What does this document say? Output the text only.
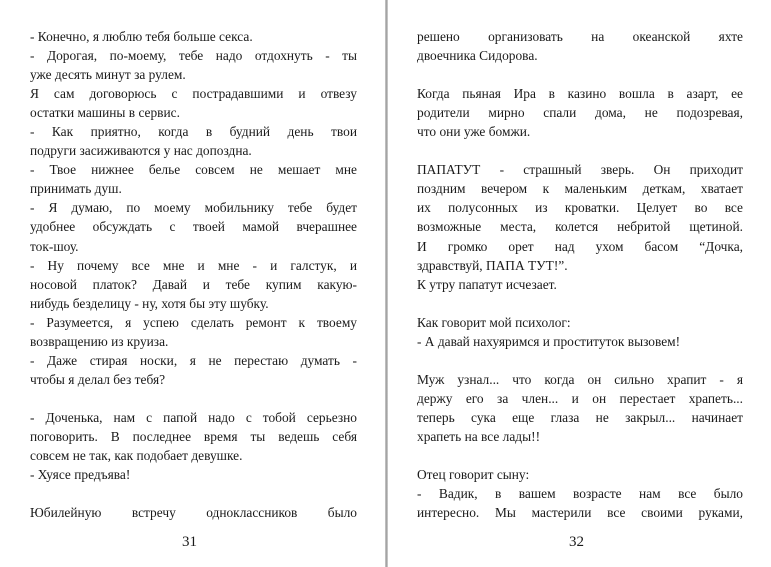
- Конечно, я люблю тебя больше секса.
- Дорогая, по-моему, тебе надо отдохнуть - ты
уже десять минут за рулем.
Я сам договорюсь с пострадавшими и отвезу
остатки машины в сервис.
- Как приятно, когда в будний день твои
подруги засиживаются у нас допоздна.
- Твое нижнее белье совсем не мешает мне
принимать душ.
- Я думаю, по моему мобильнику тебе будет
удобнее обсуждать с твоей мамой вчерашнее
ток-шоу.
- Ну почему все мне и мне - и галстук, и
носовой платок? Давай и тебе купим какую-
нибудь безделицу - ну, хотя бы эту шубку.
- Разумеется, я успею сделать ремонт к твоему
возвращению из круиза.
- Даже стирая носки, я не перестаю думать -
чтобы я делал без тебя?
- Доченька, нам с папой надо с тобой серьезно
поговорить. В последнее время ты ведешь себя
совсем не так, как подобает девушке.
- Хуясе предъява!
Юбилейную встречу одноклассников было
31
решено организовать на океанской яхте
двоечника Сидорова.
Когда пьяная Ира в казино вошла в азарт, ее
родители мирно спали дома, не подозревая,
что они уже бомжи.
ПАПАТУТ - страшный зверь. Он приходит
поздним вечером к маленьким деткам, хватает
их полусонных из кроватки. Целует во все
возможные места, колется небритой щетиной.
И громко орет над ухом басом “Дочка,
здравствуй, ПАПА ТУТ!”.
К утру папатут исчезает.
Как говорит мой психолог:
- А давай нахуяримся и проституток вызовем!
Муж узнал... что когда он сильно храпит - я
держу его за член... и он перестает храпеть...
теперь сука еще глаза не закрыл... начинает
храпеть на все лады!!
Отец говорит сыну:
- Вадик, в вашем возрасте нам все было
интересно. Мы мастерили все своими руками,
32
